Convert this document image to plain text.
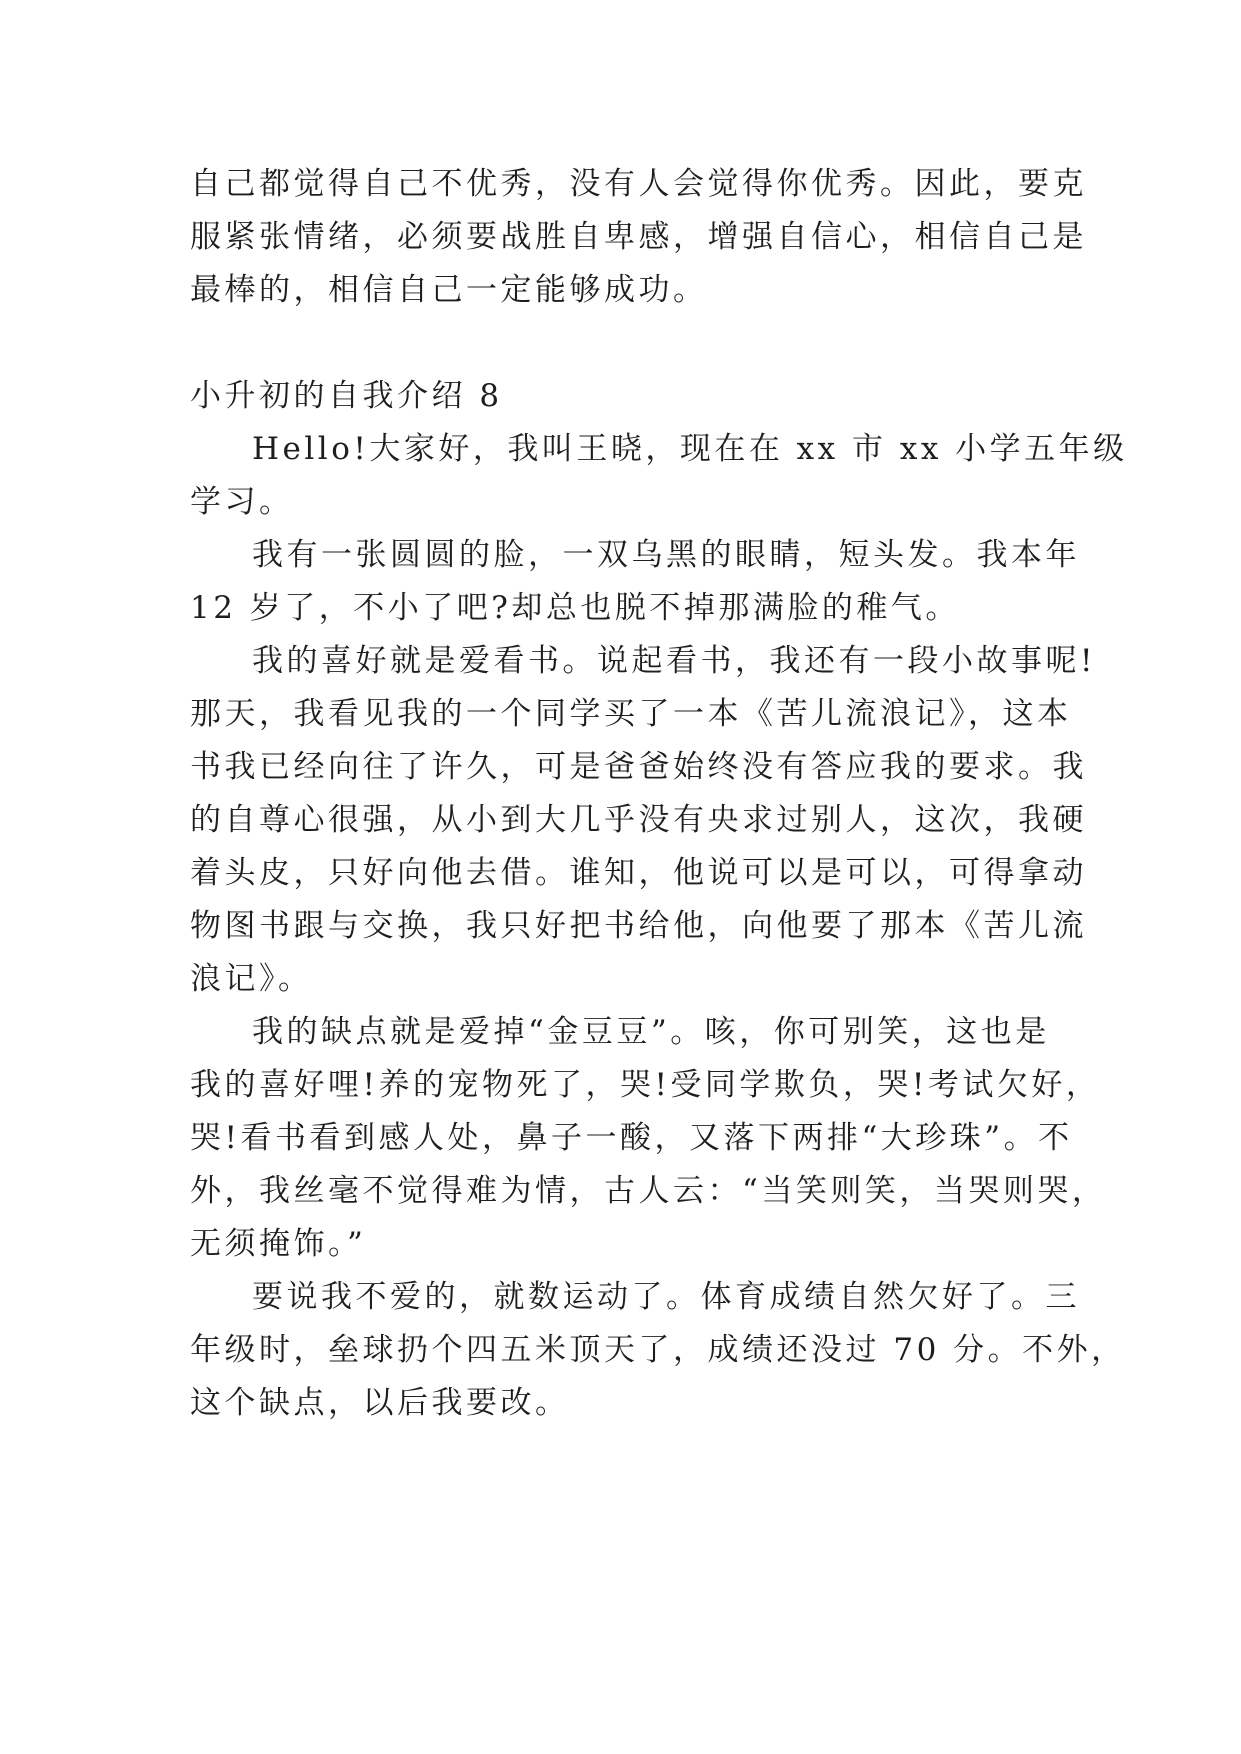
自己都觉得自己不优秀，没有人会觉得你优秀。因此，要克

服紧张情绪，必须要战胜自卑感，增强自信心，相信自己是

最棒的，相信自己一定能够成功。

小升初的自我介绍 8

Hello!大家好，我叫王晓，现在在 xx 市 xx 小学五年级

学习。

我有一张圆圆的脸，一双乌黑的眼睛，短头发。我本年

12 岁了，不小了吧?却总也脱不掉那满脸的稚气。

我的喜好就是爱看书。说起看书，我还有一段小故事呢!

那天，我看见我的一个同学买了一本《苦儿流浪记》，这本

书我已经向往了许久，可是爸爸始终没有答应我的要求。我

的自尊心很强，从小到大几乎没有央求过别人，这次，我硬

着头皮，只好向他去借。谁知，他说可以是可以，可得拿动

物图书跟与交换，我只好把书给他，向他要了那本《苦儿流

浪记》。

我的缺点就是爱掉“金豆豆”。咳，你可别笑，这也是

我的喜好哩!养的宠物死了，哭!受同学欺负，哭!考试欠好，

哭!看书看到感人处，鼻子一酸，又落下两排“大珍珠”。不

外，我丝毫不觉得难为情，古人云：“当笑则笑，当哭则哭，

无须掩饰。”

要说我不爱的，就数运动了。体育成绩自然欠好了。三

年级时，垒球扔个四五米顶天了，成绩还没过 70 分。不外，

这个缺点，以后我要改。
